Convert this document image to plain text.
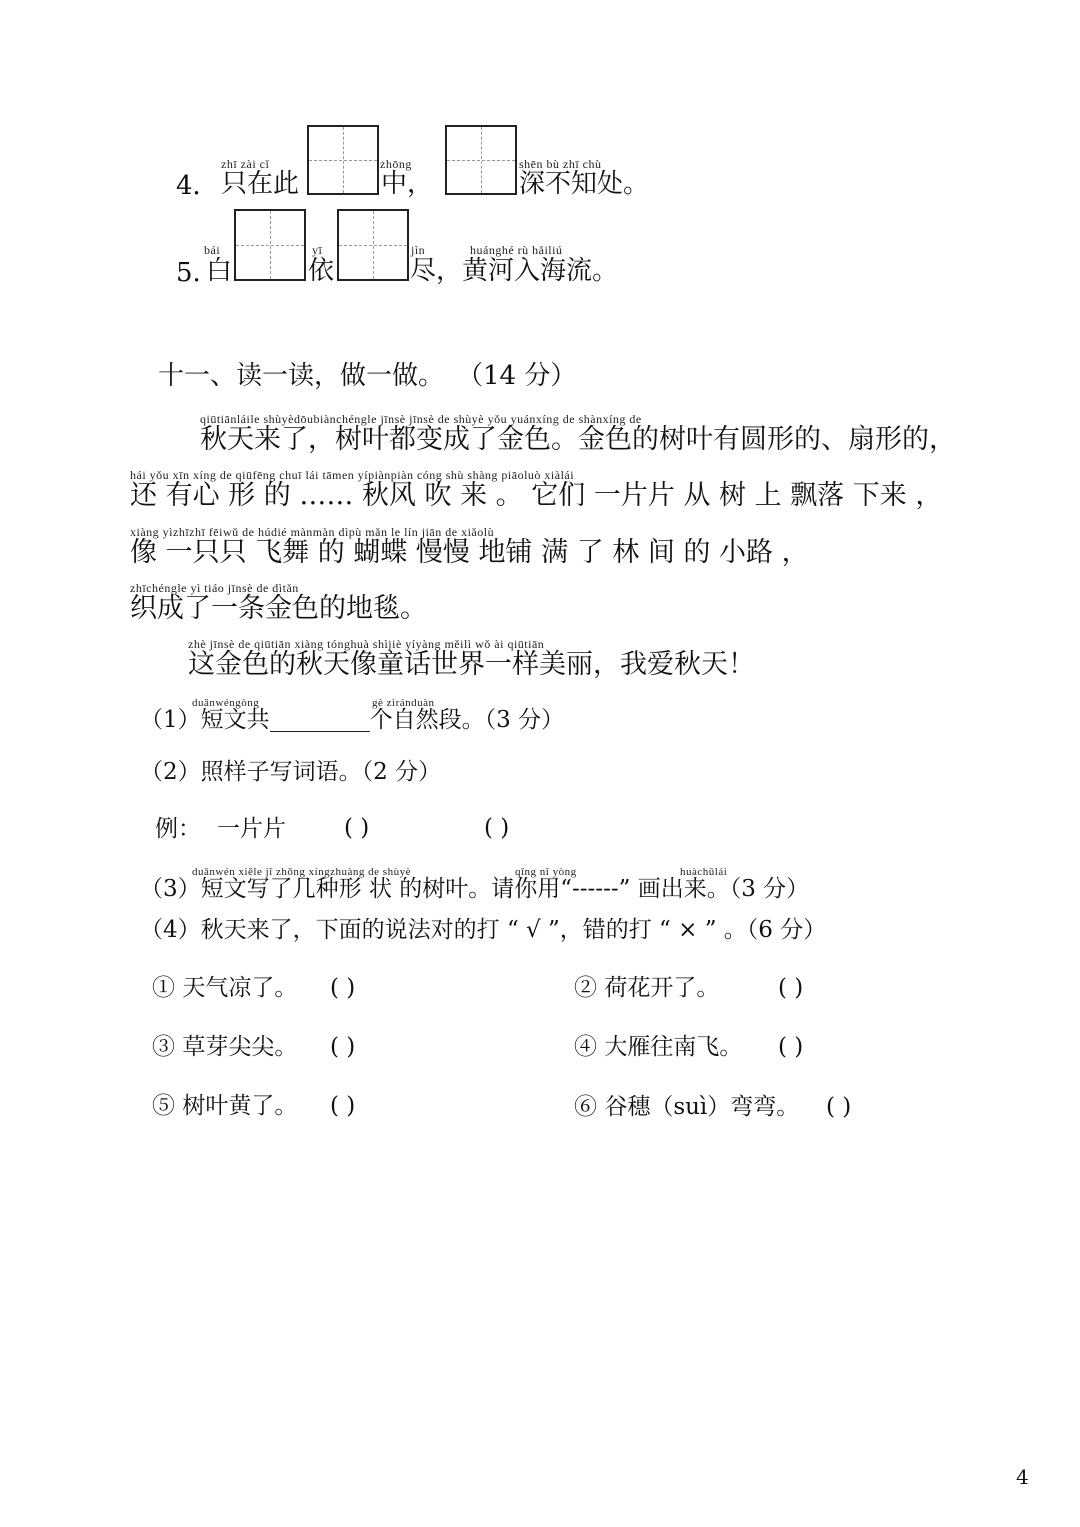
zhī zài cǐ	zhōng	shēn bù zhī chù
4． 只在此	中，	深不知处。
bái	yī	jìn	huánghé rù hǎiliú
5. 白	依	尽，黄河入海流。
十一、读一读，做一做。 （14 分）
qiūtiānláile shùyèdōubiànchéngle jīnsè jīnsè de shùyè yǒu yuánxíng de shànxíng de
秋天来了，树叶都变成了金色。金色的树叶有圆形的、扇形的，
hái yǒu xīn xíng de qiūfēng chuī lái tāmen yípiànpiàn cóng shù shàng piāoluò xiàlái
还 有心 形 的 …… 秋风 吹 来 。 它们 一片片 从 树 上 飘落 下来 ，
xiàng yìzhīzhī fēiwǔ de húdié mànmàn dìpù mǎn le lín jiān de xiǎolù
像 一只只 飞舞 的 蝴蝶 慢慢 地铺 满 了 林 间 的 小路 ，
zhīchéngle yì tiáo jīnsè de dìtǎn
织成了一条金色的地毯。
zhè jīnsè de qiūtiān xiàng tónghuà shìjiè yíyàng měilì wǒ ài qiūtiān
这金色的秋天像童话世界一样美丽，我爱秋天！
duǎnwéngòng	gè zìránduàn
（1）短文共	个自然段。（3 分）
（2）照样子写词语。（2 分）
例： 一片片	( )	( )
duǎnwén xiěle jǐ zhǒng xíngzhuàng de shùyè	qǐng nǐ yòng	huàchūlái
（3）短文写了几种形 状 的树叶。请你用“------” 画出来。（3 分）
（4）秋天来了，下面的说法对的打 “ √ ”，错的打 “ × ” 。（6 分）
① 天气凉了。 ( )	② 荷花开了。	( )
③ 草芽尖尖。 ( )	④ 大雁往南飞。 ( )
⑤ 树叶黄了。 ( )	⑥ 谷穗（suì）弯弯。 ( )
4
